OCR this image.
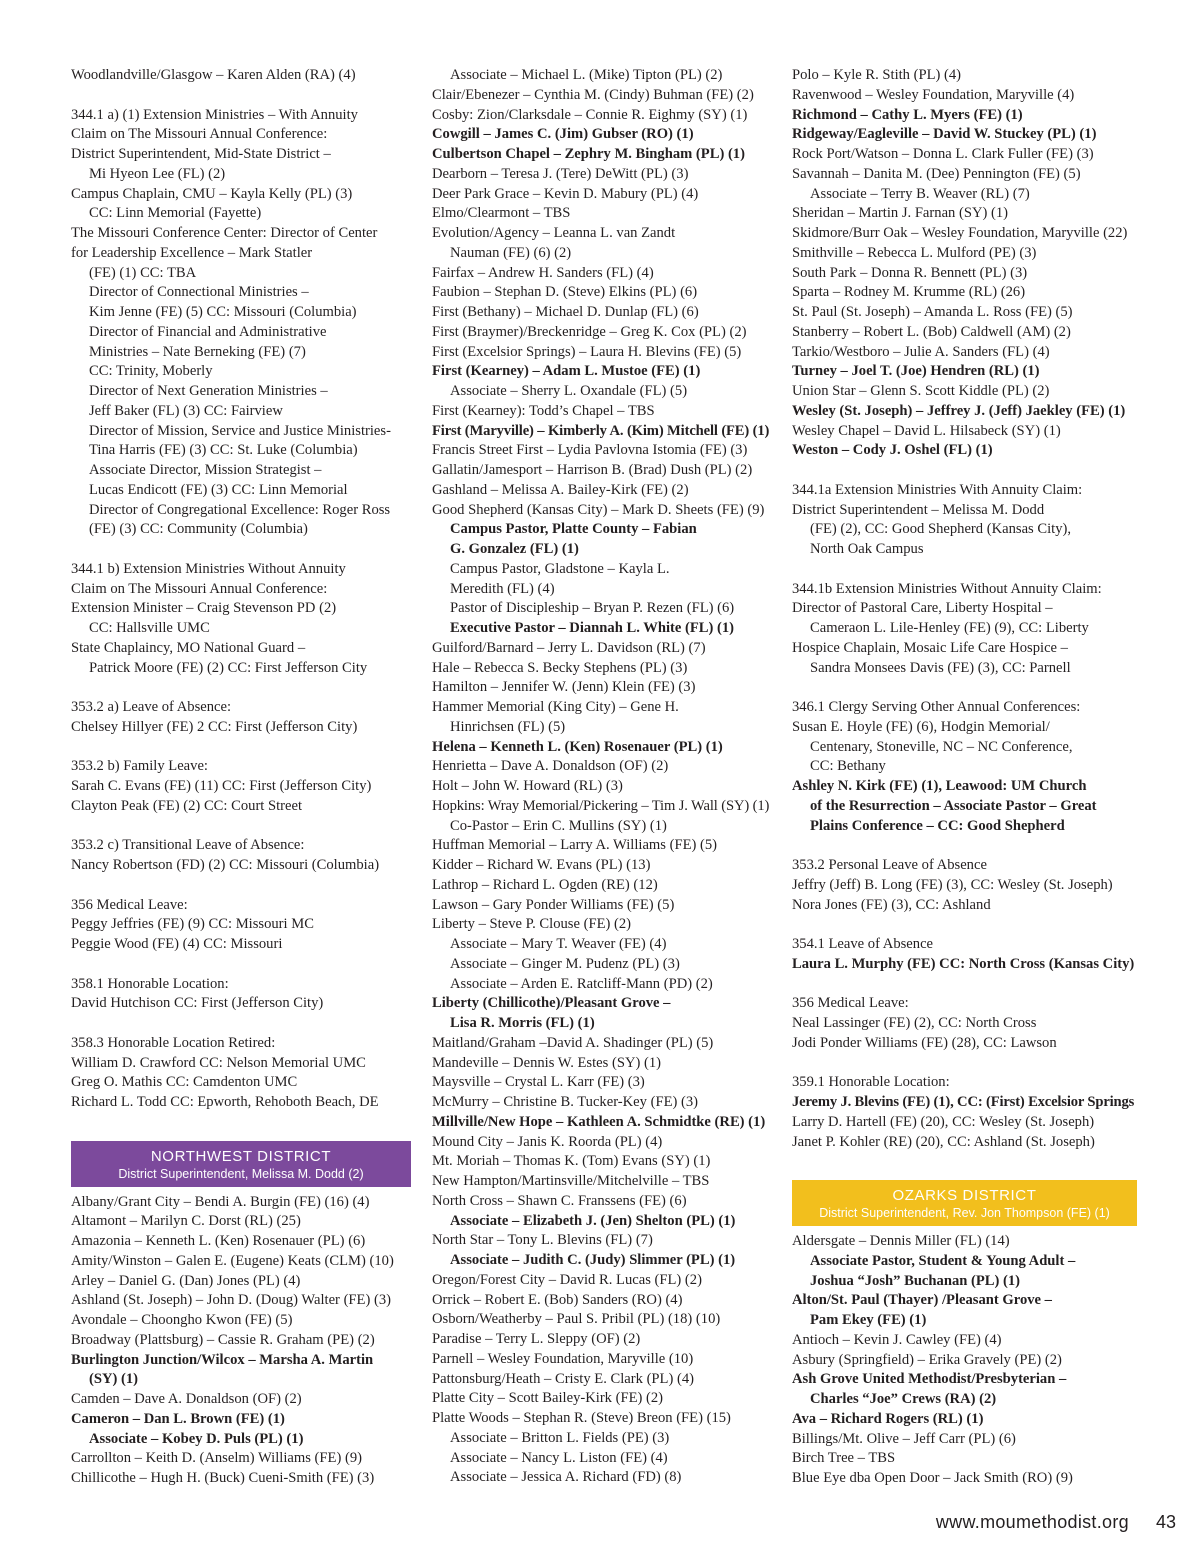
Woodlandville/Glasgow – Karen Alden (RA) (4)
344.1 a) (1) Extension Ministries – With Annuity
Claim on The Missouri Annual Conference:
District Superintendent, Mid-State District –
Mi Hyeon Lee (FL) (2)
Campus Chaplain, CMU – Kayla Kelly (PL) (3)
CC: Linn Memorial (Fayette)
The Missouri Conference Center: Director of Center
for Leadership Excellence – Mark Statler
(FE) (1) CC: TBA
Director of Connectional Ministries –
Kim Jenne (FE) (5) CC: Missouri (Columbia)
Director of Financial and Administrative
Ministries – Nate Berneking (FE) (7)
CC: Trinity, Moberly
Director of Next Generation Ministries –
Jeff Baker (FL) (3) CC: Fairview
Director of Mission, Service and Justice Ministries-
Tina Harris (FE) (3) CC: St. Luke (Columbia)
Associate Director, Mission Strategist –
Lucas Endicott (FE) (3) CC: Linn Memorial
Director of Congregational Excellence: Roger Ross
(FE) (3) CC: Community (Columbia)
344.1 b) Extension Ministries Without Annuity
Claim on The Missouri Annual Conference:
Extension Minister – Craig Stevenson PD (2)
CC: Hallsville UMC
State Chaplaincy, MO National Guard –
Patrick Moore (FE) (2) CC: First Jefferson City
353.2 a) Leave of Absence:
Chelsey Hillyer (FE) 2 CC: First (Jefferson City)
353.2 b) Family Leave:
Sarah C. Evans (FE) (11) CC: First (Jefferson City)
Clayton Peak (FE) (2) CC: Court Street
353.2 c) Transitional Leave of Absence:
Nancy Robertson (FD) (2) CC: Missouri (Columbia)
356 Medical Leave:
Peggy Jeffries (FE) (9) CC: Missouri MC
Peggie Wood (FE) (4) CC: Missouri
358.1 Honorable Location:
David Hutchison CC: First (Jefferson City)
358.3 Honorable Location Retired:
William D. Crawford CC: Nelson Memorial UMC
Greg O. Mathis CC: Camdenton UMC
Richard L. Todd CC: Epworth, Rehoboth Beach, DE
NORTHWEST DISTRICT
District Superintendent, Melissa M. Dodd (2)
Albany/Grant City – Bendi A. Burgin (FE) (16) (4)
Altamont – Marilyn C. Dorst (RL) (25)
Amazonia – Kenneth L. (Ken) Rosenauer (PL) (6)
Amity/Winston – Galen E. (Eugene) Keats (CLM) (10)
Arley – Daniel G. (Dan) Jones (PL) (4)
Ashland (St. Joseph) – John D. (Doug) Walter (FE) (3)
Avondale – Choongho Kwon (FE) (5)
Broadway (Plattsburg) – Cassie R. Graham (PE) (2)
Burlington Junction/Wilcox – Marsha A. Martin
(SY) (1)
Camden – Dave A. Donaldson (OF) (2)
Cameron – Dan L. Brown (FE) (1)
Associate – Kobey D. Puls (PL) (1)
Carrollton – Keith D. (Anselm) Williams (FE) (9)
Chillicothe – Hugh H. (Buck) Cueni-Smith (FE) (3)
Associate – Michael L. (Mike) Tipton (PL) (2)
Clair/Ebenezer – Cynthia M. (Cindy) Buhman (FE) (2)
Cosby: Zion/Clarksdale – Connie R. Eighmy (SY) (1)
Cowgill – James C. (Jim) Gubser (RO) (1)
Culbertson Chapel – Zephry M. Bingham (PL) (1)
Dearborn – Teresa J. (Tere) DeWitt (PL) (3)
Deer Park Grace – Kevin D. Mabury (PL) (4)
Elmo/Clearmont – TBS
Evolution/Agency – Leanna L. van Zandt
Nauman (FE) (6) (2)
Fairfax – Andrew H. Sanders (FL) (4)
Faubion – Stephan D. (Steve) Elkins (PL) (6)
First (Bethany) – Michael D. Dunlap (FL) (6)
First (Braymer)/Breckenridge – Greg K. Cox (PL) (2)
First (Excelsior Springs) – Laura H. Blevins (FE) (5)
First (Kearney) – Adam L. Mustoe (FE) (1)
Associate – Sherry L. Oxandale (FL) (5)
First (Kearney): Todd’s Chapel – TBS
First (Maryville) – Kimberly A. (Kim) Mitchell (FE) (1)
Francis Street First – Lydia Pavlovna Istomia (FE) (3)
Gallatin/Jamesport – Harrison B. (Brad) Dush (PL) (2)
Gashland – Melissa A. Bailey-Kirk (FE) (2)
Good Shepherd (Kansas City) – Mark D. Sheets (FE) (9)
Campus Pastor, Platte County – Fabian
G. Gonzalez (FL) (1)
Campus Pastor, Gladstone – Kayla L.
Meredith (FL) (4)
Pastor of Discipleship – Bryan P. Rezen (FL) (6)
Executive Pastor – Diannah L. White (FL) (1)
Guilford/Barnard – Jerry L. Davidson (RL) (7)
Hale – Rebecca S. Becky Stephens (PL) (3)
Hamilton – Jennifer W. (Jenn) Klein (FE) (3)
Hammer Memorial (King City) – Gene H.
Hinrichsen (FL) (5)
Helena – Kenneth L. (Ken) Rosenauer (PL) (1)
Henrietta – Dave A. Donaldson (OF) (2)
Holt – John W. Howard (RL) (3)
Hopkins: Wray Memorial/Pickering – Tim J. Wall (SY) (1)
Co-Pastor – Erin C. Mullins (SY) (1)
Huffman Memorial – Larry A. Williams (FE) (5)
Kidder – Richard W. Evans (PL) (13)
Lathrop – Richard L. Ogden (RE) (12)
Lawson – Gary Ponder Williams (FE) (5)
Liberty – Steve P. Clouse (FE) (2)
Associate – Mary T. Weaver (FE) (4)
Associate – Ginger M. Pudenz (PL) (3)
Associate – Arden E. Ratcliff-Mann (PD) (2)
Liberty (Chillicothe)/Pleasant Grove –
Lisa R. Morris (FL) (1)
Maitland/Graham –David A. Shadinger (PL) (5)
Mandeville – Dennis W. Estes (SY) (1)
Maysville – Crystal L. Karr (FE) (3)
McMurry – Christine B. Tucker-Key (FE) (3)
Millville/New Hope – Kathleen A. Schmidtke (RE) (1)
Mound City – Janis K. Roorda (PL) (4)
Mt. Moriah – Thomas K. (Tom) Evans (SY) (1)
New Hampton/Martinsville/Mitchelville – TBS
North Cross – Shawn C. Franssens (FE) (6)
Associate – Elizabeth J. (Jen) Shelton (PL) (1)
North Star – Tony L. Blevins (FL) (7)
Associate – Judith C. (Judy) Slimmer (PL) (1)
Oregon/Forest City – David R. Lucas (FL) (2)
Orrick – Robert E. (Bob) Sanders (RO) (4)
Osborn/Weatherby – Paul S. Pribil (PL) (18) (10)
Paradise – Terry L. Sleppy (OF) (2)
Parnell – Wesley Foundation, Maryville (10)
Pattonsburg/Heath – Cristy E. Clark (PL) (4)
Platte City – Scott Bailey-Kirk (FE) (2)
Platte Woods – Stephan R. (Steve) Breon (FE) (15)
Associate – Britton L. Fields (PE) (3)
Associate – Nancy L. Liston (FE) (4)
Associate – Jessica A. Richard (FD) (8)
Polo – Kyle R. Stith (PL) (4)
Ravenwood – Wesley Foundation, Maryville (4)
Richmond – Cathy L. Myers (FE) (1)
Ridgeway/Eagleville – David W. Stuckey (PL) (1)
Rock Port/Watson – Donna L. Clark Fuller (FE) (3)
Savannah – Danita M. (Dee) Pennington (FE) (5)
Associate – Terry B. Weaver (RL) (7)
Sheridan – Martin J. Farnan (SY) (1)
Skidmore/Burr Oak – Wesley Foundation, Maryville (22)
Smithville – Rebecca L. Mulford (PE) (3)
South Park – Donna R. Bennett (PL) (3)
Sparta – Rodney M. Krumme (RL) (26)
St. Paul (St. Joseph) – Amanda L. Ross (FE) (5)
Stanberry – Robert L. (Bob) Caldwell (AM) (2)
Tarkio/Westboro – Julie A. Sanders (FL) (4)
Turney – Joel T. (Joe) Hendren (RL) (1)
Union Star – Glenn S. Scott Kiddle (PL) (2)
Wesley (St. Joseph) – Jeffrey J. (Jeff) Jaekley (FE) (1)
Wesley Chapel – David L. Hilsabeck (SY) (1)
Weston – Cody J. Oshel (FL) (1)
344.1a Extension Ministries With Annuity Claim:
District Superintendent – Melissa M. Dodd
(FE) (2), CC: Good Shepherd (Kansas City),
North Oak Campus
344.1b Extension Ministries Without Annuity Claim:
Director of Pastoral Care, Liberty Hospital –
Cameraon L. Lile-Henley (FE) (9), CC: Liberty
Hospice Chaplain, Mosaic Life Care Hospice –
Sandra Monsees Davis (FE) (3), CC: Parnell
346.1 Clergy Serving Other Annual Conferences:
Susan E. Hoyle (FE) (6), Hodgin Memorial/
Centenary, Stoneville, NC – NC Conference,
CC: Bethany
Ashley N. Kirk (FE) (1), Leawood: UM Church
of the Resurrection – Associate Pastor – Great
Plains Conference – CC: Good Shepherd
353.2 Personal Leave of Absence
Jeffry (Jeff) B. Long (FE) (3), CC: Wesley (St. Joseph)
Nora Jones (FE) (3), CC: Ashland
354.1 Leave of Absence
Laura L. Murphy (FE) CC: North Cross (Kansas City)
356 Medical Leave:
Neal Lassinger (FE) (2), CC: North Cross
Jodi Ponder Williams (FE) (28), CC: Lawson
359.1 Honorable Location:
Jeremy J. Blevins (FE) (1), CC: (First) Excelsior Springs
Larry D. Hartell (FE) (20), CC: Wesley (St. Joseph)
Janet P. Kohler (RE) (20), CC: Ashland (St. Joseph)
OZARKS DISTRICT
District Superintendent, Rev. Jon Thompson (FE) (1)
Aldersgate – Dennis Miller (FL) (14)
Associate Pastor, Student & Young Adult –
Joshua “Josh” Buchanan (PL) (1)
Alton/St. Paul (Thayer) /Pleasant Grove –
Pam Ekey (FE) (1)
Antioch – Kevin J. Cawley (FE) (4)
Asbury (Springfield) – Erika Gravely (PE) (2)
Ash Grove United Methodist/Presbyterian –
Charles “Joe” Crews (RA) (2)
Ava – Richard Rogers (RL) (1)
Billings/Mt. Olive – Jeff Carr (PL) (6)
Birch Tree – TBS
Blue Eye dba Open Door – Jack Smith (RO) (9)
www.moumethodist.org 43
